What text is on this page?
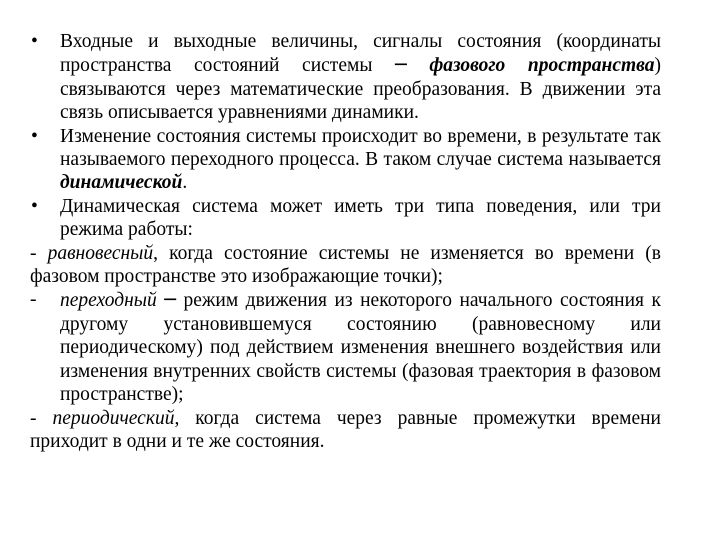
•	Входные и выходные величины, сигналы состояния (координаты пространства состояний системы ─ фазового пространства) связываются через математические преобразования. В движении эта связь описывается уравнениями динамики.

•	Изменение состояния системы происходит во времени, в результате так называемого переходного процесса. В таком случае система называется динамической.

•	Динамическая система может иметь три типа поведения, или три режима работы:

- равновесный, когда состояние системы не изменяется во времени (в фазовом пространстве это изображающие точки);

- переходный ─ режим движения из некоторого начального состояния к другому установившемуся состоянию (равновесному или периодическому) под действием изменения внешнего воздействия или изменения внутренних свойств системы (фазовая траектория в фазовом пространстве);

- периодический, когда система через равные промежутки времени приходит в одни и те же состояния.
